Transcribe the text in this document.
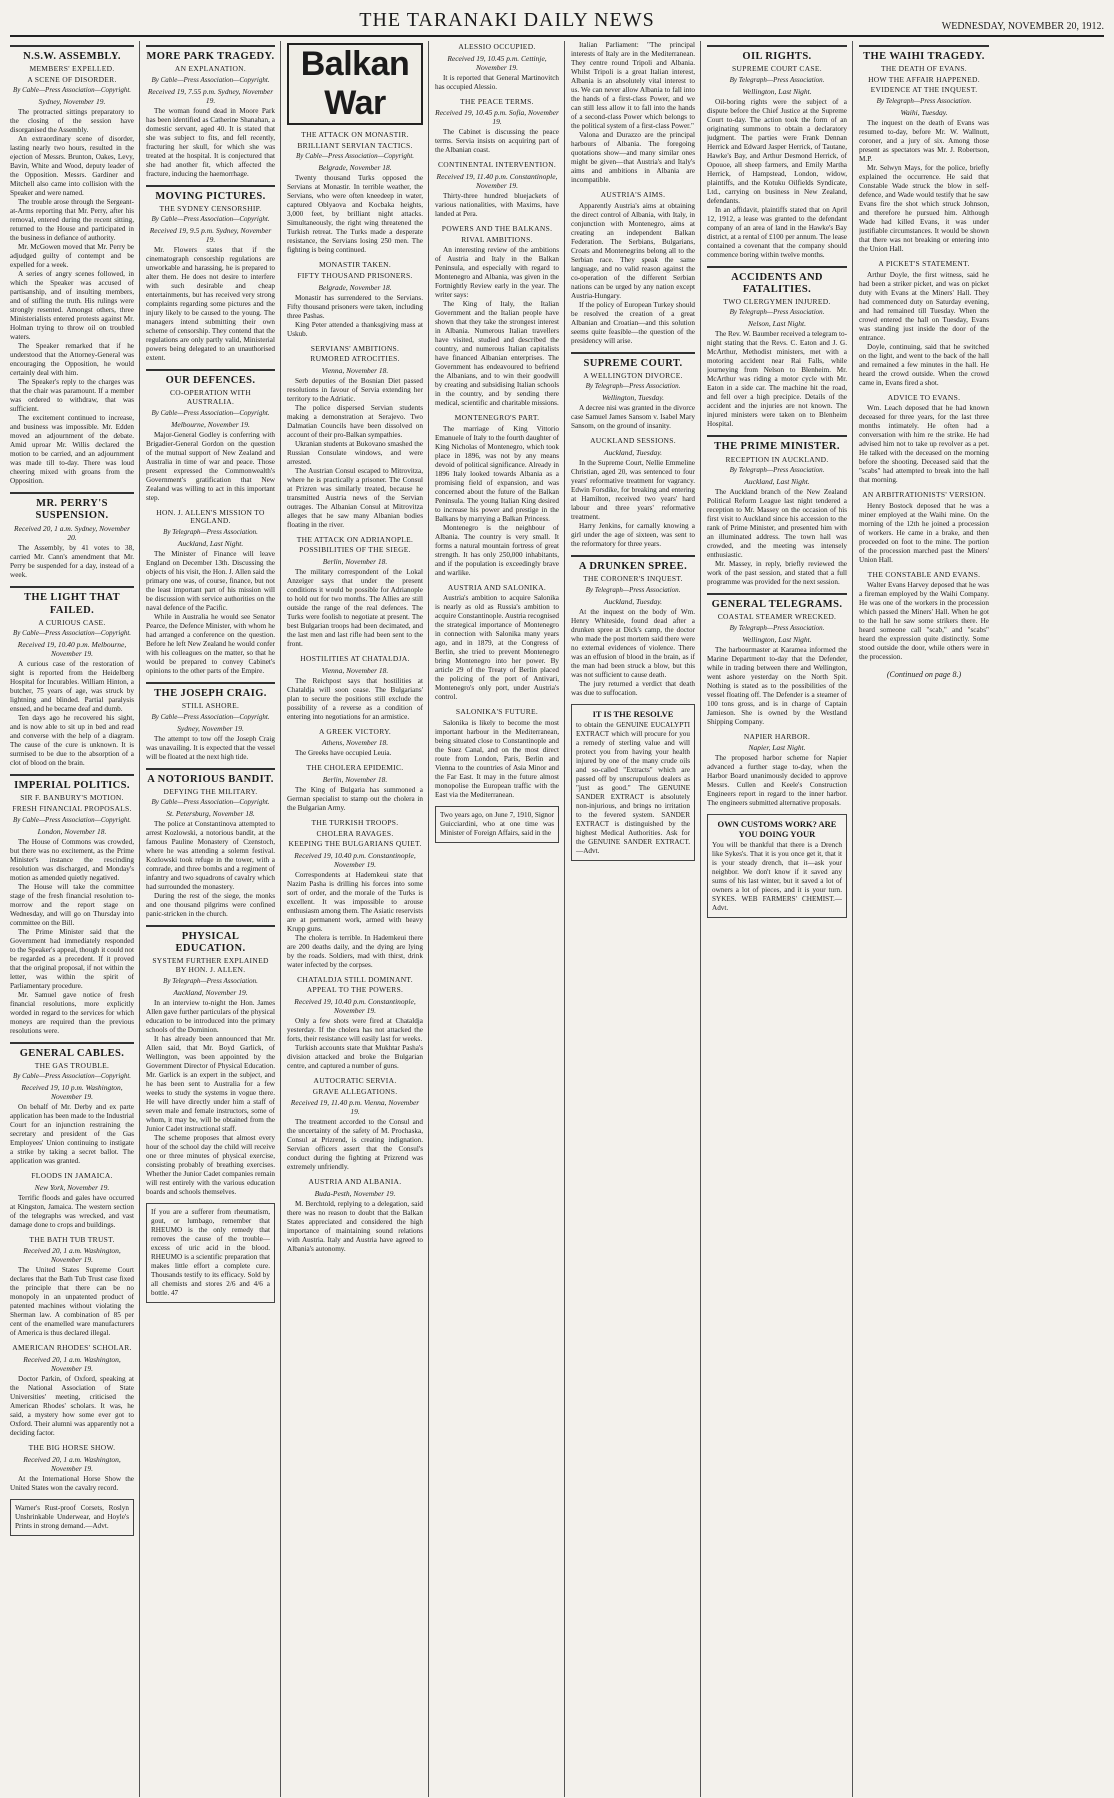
THE TARANAKI DAILY NEWS	WEDNESDAY, NOVEMBER 20, 1912.
N.S.W. ASSEMBLY.
MEMBERS' EXPELLED.
A SCENE OF DISORDER.
By Cable—Press Association—Copyright.
Sydney, November 19.

The protracted sittings preparatory to the closing of the session have disorganised the Assembly.

An extraordinary scene of disorder, lasting nearly two hours, resulted in the ejection of Messrs. Brunton, Oakes, Levy, Bavin, White and Wood, deputy leader of the Opposition. Messrs. Gardiner and Mitchell also came into collision with the Speaker and were named.

The trouble arose through the Sergeant-at-Arms reporting that Mr. Perry, after his removal, entered during the recent sitting, returned to the House and participated in the business in defiance of authority.

Mr. McGowen moved that Mr. Perry be adjudged guilty of contempt and be expelled for a week.

A series of angry scenes followed, in which the Speaker was accused of partisanship, and of insulting members, and of stifling the truth. His rulings were strongly resented. Amongst others, three Ministerialists entered protests against Mr. Holman trying to throw oil on troubled waters.

The Speaker remarked that if he understood that the Attorney-General was encouraging the Opposition, he would certainly deal with him.

The Speaker's reply to the charges was that the chair was paramount. If a member was ordered to withdraw, that was sufficient.

The excitement continued to increase, and business was impossible. Mr. Edden moved an adjournment of the debate. Amid uproar Mr. Willis declared the motion to be carried, and an adjournment was made till to-day. There was loud cheering mixed with groans from the Opposition.

MR. PERRY'S SUSPENSION.
Received 20, 1 a.m. Sydney, November 20.

The Assembly, by 41 votes to 38, carried Mr. Cann's amendment that Mr. Perry be suspended for a day, instead of a week.

THE LIGHT THAT FAILED.
A CURIOUS CASE.
By Cable—Press Association—Copyright.
Received 19, 10.40 p.m. Melbourne, November 19.

A curious case of the restoration of sight is reported from the Heidelberg Hospital for Incurables. William Hinton, a butcher, 75 years of age, was struck by lightning and blinded. Partial paralysis ensued, and he became deaf and dumb.

Ten days ago he recovered his sight, and is now able to sit up in bed and read and converse with the help of a diagram. The cause of the cure is unknown. It is surmised to be due to the absorption of a clot of blood on the brain.

IMPERIAL POLITICS.
SIR F. BANBURY'S MOTION.
FRESH FINANCIAL PROPOSALS.
By Cable—Press Association—Copyright.
London, November 18.

The House of Commons was crowded, but there was no excitement, as the Prime Minister's instance the rescinding resolution was discharged, and Monday's motion as amended quietly negatived.

The House will take the committee stage of the fresh financial resolution to-morrow and the report stage on Wednesday, and will go on Thursday into committee on the Bill.

The Prime Minister said that the Government had immediately responded to the Speaker's appeal, though it could not be regarded as a precedent. If it proved that the original proposal, if not within the letter, was within the spirit of Parliamentary procedure.

Mr. Samuel gave notice of fresh financial resolutions, more explicitly worded in regard to the services for which moneys are required than the previous resolutions were.

GENERAL CABLES.
THE GAS TROUBLE.
By Cable—Press Association—Copyright.
Received 19, 10 p.m. Washington, November 19.

On behalf of Mr. Derby and ex parte application has been made to the Industrial Court for an injunction restraining the secretary and president of the Gas Employees' Union continuing to instigate a strike by taking a secret ballot. The application was granted.

FLOODS IN JAMAICA.
New York, November 19.

Terrific floods and gales have occurred at Kingston, Jamaica. The western section of the telegraphs was wrecked, and vast damage done to crops and buildings.

THE BATH TUB TRUST.
Received 20, 1 a.m. Washington, November 19.

The United States Supreme Court declares that the Bath Tub Trust case fixed the principle that there can be no monopoly in an unpatented product of patented machines without violating the Sherman law. A combination of 85 per cent of the enamelled ware manufacturers of America is thus declared illegal.

AMERICAN RHODES' SCHOLAR.
Received 20, 1 a.m. Washington, November 19.

Doctor Parkin, of Oxford, speaking at the National Association of State Universities' meeting, criticised the American Rhodes' scholars. It was, he said, a mystery how some ever got to Oxford. Their alumni was apparently not a deciding factor.

THE BIG HORSE SHOW.
Received 20, 1 a.m. Washington, November 19.

At the International Horse Show the United States won the cavalry record.

Warner's Rust-proof Corsets, Roslyn Unshrinkable Underwear, and Hoyle's Prints in strong demand.—Advt.

MORE PARK TRAGEDY.
AN EXPLANATION.
By Cable—Press Association—Copyright.
Received 19, 7.55 p.m. Sydney, November 19.

The woman found dead in Moore Park has been identified as Catherine Shanahan, a domestic servant, aged 40. It is stated that she was subject to fits, and fell recently, fracturing her skull, for which she was treated at the hospital. It is conjectured that she had another fit, which affected the fracture, inducing the haemorrhage.

MOVING PICTURES.
THE SYDNEY CENSORSHIP.
By Cable—Press Association—Copyright.
Received 19, 9.5 p.m. Sydney, November 19.

Mr. Flowers states that if the cinematograph censorship regulations are unworkable and harassing, he is prepared to alter them. He does not desire to interfere with such desirable and cheap entertainments, but has received very strong complaints regarding some pictures and the injury likely to be caused to the young. The managers intend submitting their own scheme of censorship. They contend that the regulations are only partly valid, Ministerial powers being delegated to an unauthorised extent.

OUR DEFENCES.
CO-OPERATION WITH AUSTRALIA.
By Cable—Press Association—Copyright.
Melbourne, November 19.

Major-General Godley is conferring with Brigadier-General Gordon on the question of the mutual support of New Zealand and Australia in time of war and peace. Those present expressed the Commonwealth's Government's gratification that New Zealand was willing to act in this important step.

HON. J. ALLEN'S MISSION TO ENGLAND.
By Telegraph—Press Association.
Auckland, Last Night.

The Minister of Finance will leave England on December 13th. Discussing the objects of his visit, the Hon. J. Allen said the primary one was, of course, finance, but not the least important part of his mission will be discussion with service authorities on the naval defence of the Pacific.

While in Australia he would see Senator Pearce, the Defence Minister, with whom he had arranged a conference on the question. Before he left New Zealand he would confer with his colleagues on the matter, so that he would be prepared to convey Cabinet's opinions to the other parts of the Empire.

THE JOSEPH CRAIG.
STILL ASHORE.
By Cable—Press Association—Copyright.
Sydney, November 19.

The attempt to tow off the Joseph Craig was unavailing. It is expected that the vessel will be floated at the next high tide.

A NOTORIOUS BANDIT.
DEFYING THE MILITARY.
By Cable—Press Association—Copyright.
St. Petersburg, November 18.

The police at Constantinova attempted to arrest Kozlowski, a notorious bandit, at the famous Pauline Monastery of Czenstoch, where he was attending a solemn festival. Kozlowski took refuge in the tower, with a comrade, and three bombs and a regiment of infantry and two squadrons of cavalry which had surrounded the monastery.

During the rest of the siege, the monks and one thousand pilgrims were confined panic-stricken in the church.

PHYSICAL EDUCATION.
SYSTEM FURTHER EXPLAINED BY HON. J. ALLEN.
By Telegraph—Press Association.
Auckland, November 19.

In an interview to-night the Hon. James Allen gave further particulars of the physical education to be introduced into the primary schools of the Dominion.

It has already been announced that Mr. Allen said, that Mr. Boyd Garlick, of Wellington, was been appointed by the Government Director of Physical Education. Mr. Garlick is an expert in the subject, and he has been sent to Australia for a few weeks to study the systems in vogue there. He will have directly under him a staff of seven male and female instructors, some of whom, it may be, will be obtained from the Junior Cadet instructional staff.

The scheme proposes that almost every hour of the school day the child will receive one or three minutes of physical exercise, consisting probably of breathing exercises. Whether the Junior Cadet companies remain will rest entirely with the various education boards and schools themselves.

If you are a sufferer from rheumatism, gout, or lumbago, remember that RHEUMO is the only remedy that removes the cause of the trouble—excess of uric acid in the blood. RHEUMO is a scientific preparation that makes little effort a complete cure. Thousands testify to its efficacy. Sold by all chemists and stores 2/6 and 4/6 a bottle. 47

Balkan War
THE ATTACK ON MONASTIR.
BRILLIANT SERVIAN TACTICS.
By Cable—Press Association—Copyright.
Belgrade, November 18.

Twenty thousand Turks opposed the Servians at Monastir. In terrible weather, the Servians, who were often kneedeep in water, captured Oblyaova and Kocbaka heights, 3,000 feet, by brilliant night attacks. Simultaneously, the right wing threatened the Turkish retreat. The Turks made a desperate resistance, the Servians losing 250 men. The fighting is being continued.

MONASTIR TAKEN.
FIFTY THOUSAND PRISONERS.
Belgrade, November 18.

Monastir has surrendered to the Servians. Fifty thousand prisoners were taken, including three Pashas.

King Peter attended a thanksgiving mass at Uskub.

SERVIANS' AMBITIONS.
RUMORED ATROCITIES.
Vienna, November 18.

Serb deputies of the Bosnian Diet passed resolutions in favour of Servia extending her territory to the Adriatic.

The police dispersed Servian students making a demonstration at Serajevo. Two Dalmatian Councils have been dissolved on account of their pro-Balkan sympathies.

Ukranian students at Bukovano smashed the Russian Consulate windows, and were arrested.

The Austrian Consul escaped to Mitrovitza, where he is practically a prisoner. The Consul at Prizren was similarly treated, because he transmitted Austria news of the Servian outrages. The Albanian Consul at Mitrovitza alleges that he saw many Albanian bodies floating in the river.

THE ATTACK ON ADRIANOPLE.
POSSIBILITIES OF THE SIEGE.
Berlin, November 18.

The military correspondent of the Lokal Anzeiger says that under the present conditions it would be possible for Adrianople to hold out for two months. The Allies are still outside the range of the real defences. The Turks were foolish to negotiate at present. The best Bulgarian troops had been decimated, and the last men and last rifle had been sent to the front.

HOSTILITIES AT CHATALDJA.
Vienna, November 18.

The Reichpost says that hostilities at Chataldja will soon cease. The Bulgarians' plan to secure the positions still exclude the possibility of a reverse as a condition of entering into negotiations for an armistice.

A GREEK VICTORY.
Athens, November 18.

The Greeks have occupied Leuia.

THE CHOLERA EPIDEMIC.
Berlin, November 18.

The King of Bulgaria has summoned a German specialist to stamp out the cholera in the Bulgarian Army.

THE TURKISH TROOPS.
CHOLERA RAVAGES.
KEEPING THE BULGARIANS QUIET.
Received 19, 10.40 p.m. Constantinople, November 19.

Correspondents at Hademkeui state that Nazim Pasha is drilling his forces into some sort of order, and the morale of the Turks is excellent. It was impossible to arouse enthusiasm among them. The Asiatic reservists are at permanent work, armed with heavy Krupp guns.

The cholera is terrible. In Hademkeui there are 200 deaths daily, and the dying are lying by the roads. Soldiers, mad with thirst, drink water infected by the corpses.

CHATALDJA STILL DOMINANT.
APPEAL TO THE POWERS.
Received 19, 10.40 p.m. Constantinople, November 19.

Only a few shots were fired at Chataldja yesterday. If the cholera has not attacked the forts, their resistance will easily last for weeks.

Turkish accounts state that Mukhtar Pasha's division attacked and broke the Bulgarian centre, and captured a number of guns.

AUTOCRATIC SERVIA.
GRAVE ALLEGATIONS.
Received 19, 11.40 p.m. Vienna, November 19.

The treatment accorded to the Consul and the uncertainty of the safety of M. Prochaska, Consul at Prizrend, is creating indignation. Servian officers assert that the Consul's conduct during the fighting at Prizrend was extremely unfriendly.

AUSTRIA AND ALBANIA.
Buda-Pesth, November 19.

M. Berchtold, replying to a delegation, said there was no reason to doubt that the Balkan States appreciated and considered the high importance of maintaining sound relations with Austria. Italy and Austria have agreed to Albania's autonomy.

ALESSIO OCCUPIED.
Received 19, 10.45 p.m. Cettinje, November 19.

It is reported that General Martinovitch has occupied Alessio.

THE PEACE TERMS.
Received 19, 10.45 p.m. Sofia, November 19.

The Cabinet is discussing the peace terms. Servia insists on acquiring part of the Albanian coast.

CONTINENTAL INTERVENTION.
Received 19, 11.40 p.m. Constantinople, November 19.

Thirty-three hundred bluejackets of various nationalities, with Maxims, have landed at Pera.

POWERS AND THE BALKANS.
RIVAL AMBITIONS.

An interesting review of the ambitions of Austria and Italy in the Balkan Peninsula, and especially with regard to Montenegro and Albania, was given in the Fortnightly Review early in the year. The writer says:

The King of Italy, the Italian Government and the Italian people have shown that they take the strongest interest in Albania. Numerous Italian travellers have visited, studied and described the country, and numerous Italian capitalists have financed Albanian enterprises. The Government has endeavoured to befriend the Albanians, and to win their goodwill by creating and subsidising Italian schools in the country, and by sending there medical, scientific and charitable missions.

MONTENEGRO'S PART.

The marriage of King Vittorio Emanuele of Italy to the fourth daughter of King Nicholas of Montenegro, which took place in 1896, was not by any means devoid of political significance. Already in 1896 Italy looked towards Albania as a promising field of expansion, and was concerned about the future of the Balkan Peninsula. The young Italian King desired to increase his power and prestige in the Balkans by marrying a Balkan Princess.

Montenegro is the neighbour of Albania. The country is very small. It forms a natural mountain fortress of great strength. It has only 250,000 inhabitants, and if the population is exceedingly brave and warlike.

AUSTRIA AND SALONIKA.

Austria's ambition to acquire Salonika is nearly as old as Russia's ambition to acquire Constantinople. Austria recognised the strategical importance of Montenegro in connection with Salonika many years ago, and in 1879, at the Congress of Berlin, she tried to prevent Montenegro bring Montenegro into her power. By article 29 of the Treaty of Berlin placed the policing of the port of Antivari, Montenegro's only port, under Austria's control.

SALONIKA'S FUTURE.

Salonika is likely to become the most important harbour in the Mediterranean, being situated close to Constantinople and the Suez Canal, and on the most direct route from London, Paris, Berlin and Vienna to the countries of Asia Minor and the Far East. It may in the future almost monopolise the European traffic with the East via the Mediterranean.

Two years ago, on June 7, 1910, Signor Guicciardini, who at one time was Minister of Foreign Affairs, said in the

Italian Parliament: "The principal interests of Italy are in the Mediterranean. They centre round Tripoli and Albania. Whilst Tripoli is a great Italian interest, Albania is an absolutely vital interest to us. We can never allow Albania to fall into the hands of a first-class Power, and we can still less allow it to fall into the hands of a second-class Power which belongs to the political system of a first-class Power."

Valona and Durazzo are the principal harbours of Albania. The foregoing quotations show—and many similar ones might be given—that Austria's and Italy's aims and ambitions in Albania are incompatible.

AUSTRIA'S AIMS.

Apparently Austria's aims at obtaining the direct control of Albania, with Italy, in conjunction with Montenegro, aims at creating an independent Balkan Federation. The Serbians, Bulgarians, Croats and Montenegrins belong all to the Serbian race. They speak the same language, and no valid reason against the co-operation of the different Serbian nations can be urged by any nation except Austria-Hungary.

If the policy of European Turkey should be resolved the creation of a great Albanian and Croatian—and this solution seems quite feasible—the question of the presidency will arise.

SUPREME COURT.
A WELLINGTON DIVORCE.
By Telegraph—Press Association.
Wellington, Tuesday.

A decree nisi was granted in the divorce case Samuel James Sansom v. Isabel Mary Sansom, on the ground of insanity.

AUCKLAND SESSIONS.
Auckland, Tuesday.

In the Supreme Court, Nellie Emmeline Christian, aged 20, was sentenced to four years' reformative treatment for vagrancy. Edwin Forsdike, for breaking and entering at Hamilton, received two years' hard labour and three years' reformative treatment.

Harry Jenkins, for carnally knowing a girl under the age of sixteen, was sent to the reformatory for three years.

A DRUNKEN SPREE.
THE CORONER'S INQUEST.
By Telegraph—Press Association.
Auckland, Tuesday.

At the inquest on the body of Wm. Henry Whiteside, found dead after a drunken spree at Dick's camp, the doctor who made the post mortem said there were no external evidences of violence. There was an effusion of blood in the brain, as if the man had been struck a blow, but this was not sufficient to cause death.

The jury returned a verdict that death was due to suffocation.

IT IS THE RESOLVE

to obtain the GENUINE EUCALYPTI EXTRACT which will procure for you a remedy of sterling value and will protect you from having your health injured by one of the many crude oils and so-called "Extracts" which are passed off by unscrupulous dealers as "just as good." The GENUINE SANDER EXTRACT is absolutely non-injurious, and brings no irritation to the fevered system. SANDER EXTRACT is distinguished by the highest Medical Authorities. Ask for the GENUINE SANDER EXTRACT.—Advt.

OIL RIGHTS.
SUPREME COURT CASE.
By Telegraph—Press Association.
Wellington, Last Night.

Oil-boring rights were the subject of a dispute before the Chief Justice at the Supreme Court to-day. The action took the form of an originating summons to obtain a declaratory judgment. The parties were Frank Dennan Herrick and Edward Jasper Herrick, of Tautane, Hawke's Bay, and Arthur Desmond Herrick, of Opouoe, all sheep farmers, and Emily Martha Herrick, of Hampstead, London, widow, plaintiffs, and the Kotuku Oilfields Syndicate, Ltd., carrying on business in New Zealand, defendants.

In an affidavit, plaintiffs stated that on April 12, 1912, a lease was granted to the defendant company of an area of land in the Hawke's Bay district, at a rental of £100 per annum. The lease contained a covenant that the company should commence boring within twelve months.

ACCIDENTS AND FATALITIES.
TWO CLERGYMEN INJURED.
By Telegraph—Press Association.
Nelson, Last Night.

The Rev. W. Baumber received a telegram to-night stating that the Revs. C. Eaton and J. G. McArthur, Methodist ministers, met with a motoring accident near Rai Falls, while journeying from Nelson to Blenheim. Mr. McArthur was riding a motor cycle with Mr. Eaton in a side car. The machine hit the road, and fell over a high precipice. Details of the accident and the injuries are not known. The injured ministers were taken on to Blenheim Hospital.

THE PRIME MINISTER.
RECEPTION IN AUCKLAND.
By Telegraph—Press Association.
Auckland, Last Night.

The Auckland branch of the New Zealand Political Reform League last night tendered a reception to Mr. Massey on the occasion of his first visit to Auckland since his accession to the rank of Prime Minister, and presented him with an illuminated address. The town hall was crowded, and the meeting was intensely enthusiastic.

Mr. Massey, in reply, briefly reviewed the work of the past session, and stated that a full programme was provided for the next session.

GENERAL TELEGRAMS.
COASTAL STEAMER WRECKED.
By Telegraph—Press Association.
Wellington, Last Night.

The harbourmaster at Karamea informed the Marine Department to-day that the Defender, while in trading between there and Wellington, went ashore yesterday on the North Spit. Nothing is stated as to the possibilities of the vessel floating off. The Defender is a steamer of 100 tons gross, and is in charge of Captain Jamieson. She is owned by the Westland Shipping Company.

NAPIER HARBOR.
Napier, Last Night.

The proposed harbor scheme for Napier advanced a further stage to-day, when the Harbor Board unanimously decided to approve Messrs. Cullen and Keele's Construction Engineers report in regard to the inner harbor. The engineers submitted alternative proposals.

OWN CUSTOMS WORK? ARE YOU DOING YOUR

You will be thankful that there is a Drench like Sykes's. That it is you once get it, that it is your steady drench, that it—ask your neighbor. We don't know if it saved any sums of his last winter, but it saved a lot of owners a lot of pieces, and it is your turn. SYKES. WEB FARMERS' CHEMIST.—Advt.

THE WAIHI TRAGEDY.
THE DEATH OF EVANS.
HOW THE AFFAIR HAPPENED.
EVIDENCE AT THE INQUEST.
By Telegraph—Press Association.
Waihi, Tuesday.

The inquest on the death of Evans was resumed to-day, before Mr. W. Wallnutt, coroner, and a jury of six. Among those present as spectators was Mr. J. Robertson, M.P.

Mr. Selwyn Mays, for the police, briefly explained the occurrence. He said that Constable Wade struck the blow in self-defence, and Wade would testify that he saw Evans fire the shot which struck Johnson, and therefore he pursued him. Although Wade had killed Evans, it was under justifiable circumstances. It would be shown that there was not breaking or entering into the Union Hall.

A PICKET'S STATEMENT.

Arthur Doyle, the first witness, said he had been a striker picket, and was on picket duty with Evans at the Miners' Hall. They had commenced duty on Saturday evening, and had remained till Tuesday. When the crowd entered the hall on Tuesday, Evans was standing just inside the door of the entrance.

Doyle, continuing, said that he switched on the light, and went to the back of the hall and remained a few minutes in the hall. He heard the crowd outside. When the crowd came in, Evans fired a shot.

ADVICE TO EVANS.

Wm. Leach deposed that he had known deceased for three years, for the last three months intimately. He often had a conversation with him re the strike. He had advised him not to take up revolver as a pet. He talked with the deceased on the morning before the shooting. Deceased said that the "scabs" had attempted to break into the hall that morning.

AN ARBITRATIONISTS' VERSION.

Henry Bostock deposed that he was a miner employed at the Waihi mine. On the morning of the 12th he joined a procession of workers. He came in a brake, and then proceeded on foot to the mine. The portion of the procession marched past the Miners' Union Hall.

THE CONSTABLE AND EVANS.

Walter Evans Harvey deposed that he was a fireman employed by the Waihi Company. He was one of the workers in the procession which passed the Miners' Hall. When he got to the hall he saw some strikers there. He heard someone call "scab," and "scabs" heard the expression quite distinctly. Some stood outside the door, while others were in the procession.

(Continued on page 8.)
